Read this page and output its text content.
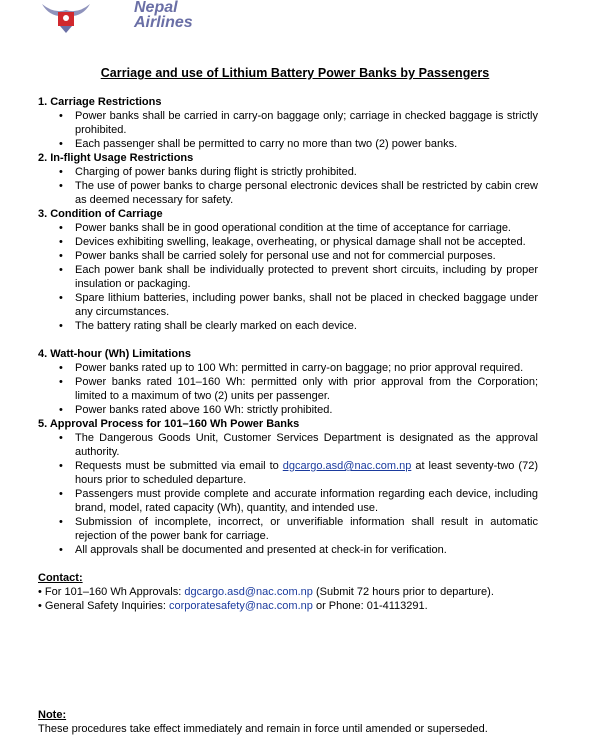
Nepal
Airlines
Carriage and use of Lithium Battery Power Banks by Passengers

1. Carriage Restrictions

• Power banks shall be carried in carry-on baggage only; carriage in checked baggage is strictly prohibited.
• Each passenger shall be permitted to carry no more than two (2) power banks.

2. In-flight Usage Restrictions

• Charging of power banks during flight is strictly prohibited.
• The use of power banks to charge personal electronic devices shall be restricted by cabin crew as deemed necessary for safety.

3. Condition of Carriage

• Power banks shall be in good operational condition at the time of acceptance for carriage.
• Devices exhibiting swelling, leakage, overheating, or physical damage shall not be accepted.
• Power banks shall be carried solely for personal use and not for commercial purposes.
• Each power bank shall be individually protected to prevent short circuits, including by proper insulation or packaging.
• Spare lithium batteries, including power banks, shall not be placed in checked baggage under any circumstances.
• The battery rating shall be clearly marked on each device.

4. Watt-hour (Wh) Limitations

• Power banks rated up to 100 Wh: permitted in carry-on baggage; no prior approval required.
• Power banks rated 101–160 Wh: permitted only with prior approval from the Corporation; limited to a maximum of two (2) units per passenger.
• Power banks rated above 160 Wh: strictly prohibited.

5. Approval Process for 101–160 Wh Power Banks

• The Dangerous Goods Unit, Customer Services Department is designated as the approval authority.
• Requests must be submitted via email to dgcargo.asd@nac.com.np at least seventy-two (72) hours prior to scheduled departure.
• Passengers must provide complete and accurate information regarding each device, including brand, model, rated capacity (Wh), quantity, and intended use.
• Submission of incomplete, incorrect, or unverifiable information shall result in automatic rejection of the power bank for carriage.
• All approvals shall be documented and presented at check-in for verification.
Contact:
• For 101–160 Wh Approvals: dgcargo.asd@nac.com.np (Submit 72 hours prior to departure).
• General Safety Inquiries: corporatesafety@nac.com.np or Phone: 01-4113291.
Note:
These procedures take effect immediately and remain in force until amended or superseded.
